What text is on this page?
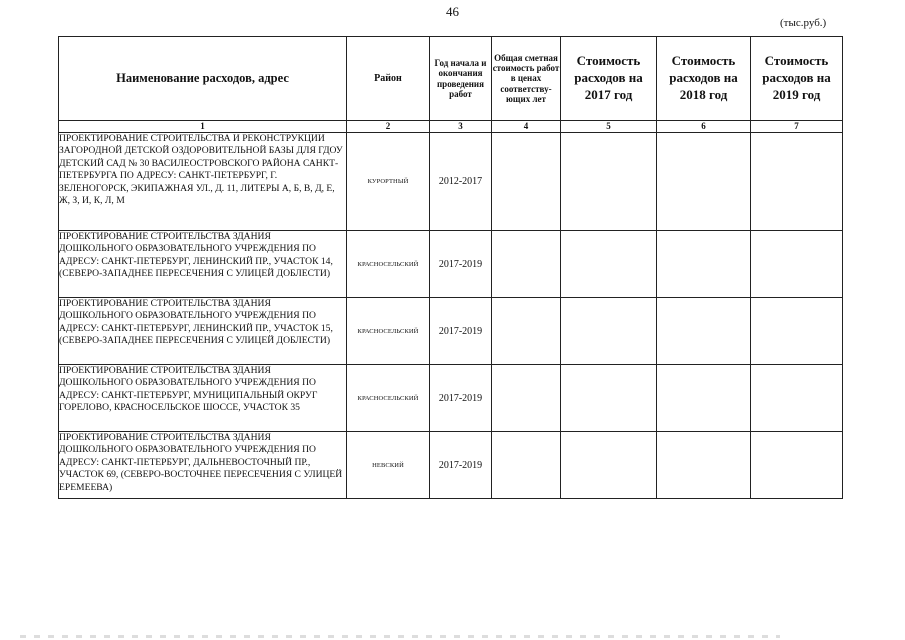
46
(тыс.руб.)
Наименование расходов, адрес	Район	Год начала и окончания проведения работ	Общая сметная стоимость работ в ценах соответству-ющих лет	Стоимость расходов на 2017 год	Стоимость расходов на 2018 год	Стоимость расходов на 2019 год
1	2	3	4	5	6	7
ПРОЕКТИРОВАНИЕ СТРОИТЕЛЬСТВА И РЕКОНСТРУКЦИИ ЗАГОРОДНОЙ ДЕТСКОЙ ОЗДОРОВИТЕЛЬНОЙ БАЗЫ ДЛЯ ГДОУ ДЕТСКИЙ САД № 30 ВАСИЛЕОСТРОВСКОГО РАЙОНА САНКТ-ПЕТЕРБУРГА ПО АДРЕСУ: САНКТ-ПЕТЕРБУРГ, Г. ЗЕЛЕНОГОРСК, ЭКИПАЖНАЯ УЛ., Д. 11, ЛИТЕРЫ А, Б, В, Д, Е, Ж, З, И, К, Л, М	КУРОРТНЫЙ	2012-2017				
ПРОЕКТИРОВАНИЕ СТРОИТЕЛЬСТВА ЗДАНИЯ ДОШКОЛЬНОГО ОБРАЗОВАТЕЛЬНОГО УЧРЕЖДЕНИЯ ПО АДРЕСУ: САНКТ-ПЕТЕРБУРГ, ЛЕНИНСКИЙ ПР., УЧАСТОК 14, (СЕВЕРО-ЗАПАДНЕЕ ПЕРЕСЕЧЕНИЯ С УЛИЦЕЙ ДОБЛЕСТИ)	КРАСНОСЕЛЬСКИЙ	2017-2019				
ПРОЕКТИРОВАНИЕ СТРОИТЕЛЬСТВА ЗДАНИЯ ДОШКОЛЬНОГО ОБРАЗОВАТЕЛЬНОГО УЧРЕЖДЕНИЯ ПО АДРЕСУ: САНКТ-ПЕТЕРБУРГ, ЛЕНИНСКИЙ ПР., УЧАСТОК 15, (СЕВЕРО-ЗАПАДНЕЕ ПЕРЕСЕЧЕНИЯ С УЛИЦЕЙ ДОБЛЕСТИ)	КРАСНОСЕЛЬСКИЙ	2017-2019				
ПРОЕКТИРОВАНИЕ СТРОИТЕЛЬСТВА ЗДАНИЯ ДОШКОЛЬНОГО ОБРАЗОВАТЕЛЬНОГО УЧРЕЖДЕНИЯ ПО АДРЕСУ: САНКТ-ПЕТЕРБУРГ, МУНИЦИПАЛЬНЫЙ ОКРУГ ГОРЕЛОВО, КРАСНОСЕЛЬСКОЕ ШОССЕ, УЧАСТОК 35	КРАСНОСЕЛЬСКИЙ	2017-2019				
ПРОЕКТИРОВАНИЕ СТРОИТЕЛЬСТВА ЗДАНИЯ ДОШКОЛЬНОГО ОБРАЗОВАТЕЛЬНОГО УЧРЕЖДЕНИЯ ПО АДРЕСУ: САНКТ-ПЕТЕРБУРГ, ДАЛЬНЕВОСТОЧНЫЙ ПР., УЧАСТОК 69, (СЕВЕРО-ВОСТОЧНЕЕ ПЕРЕСЕЧЕНИЯ С УЛИЦЕЙ ЕРЕМЕЕВА)	НЕВСКИЙ	2017-2019				
